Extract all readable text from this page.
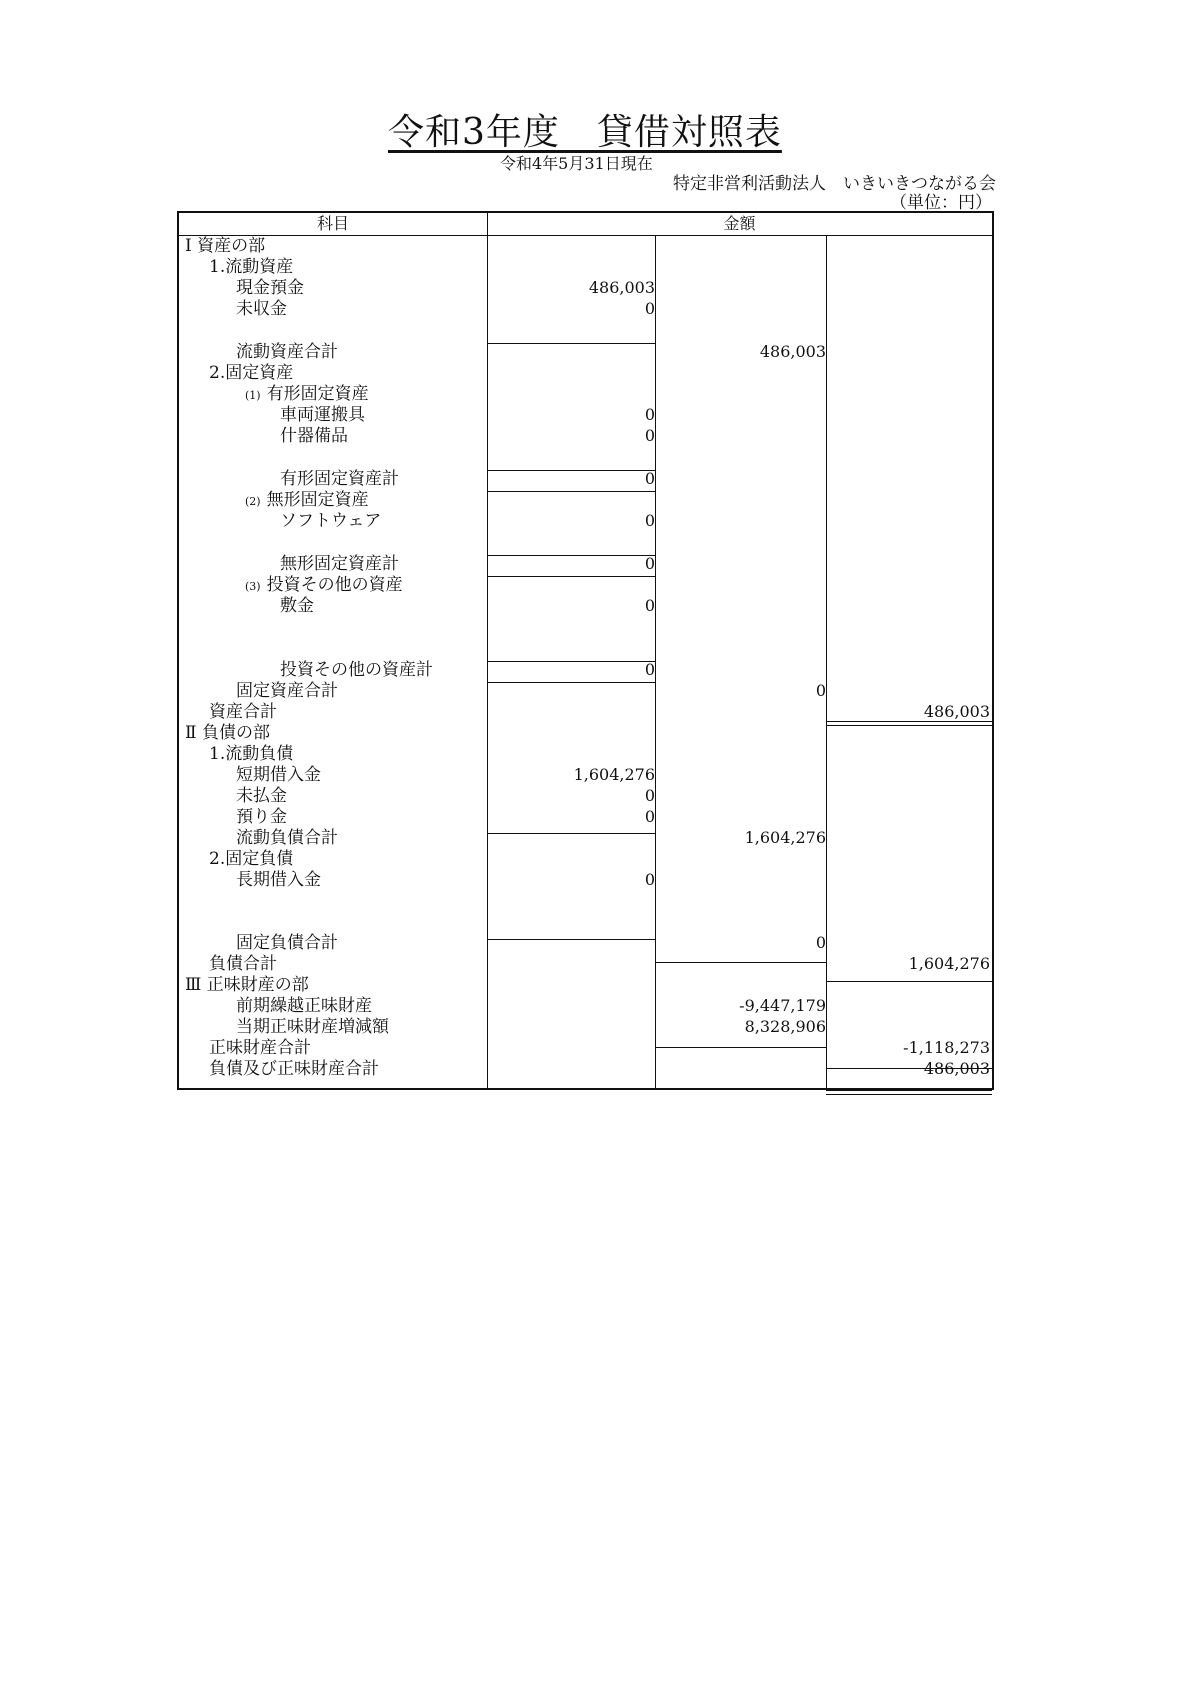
令和3年度　貸借対照表
令和4年5月31日現在
特定非営利活動法人　いきいきつながる会
（単位：円）
科目	金額
Ⅰ 資産の部
1.流動資産
現金預金
未収金
流動資産合計
2.固定資産
(1) 有形固定資産
車両運搬具
什器備品
有形固定資産計
(2) 無形固定資産
ソフトウェア
無形固定資産計
(3) 投資その他の資産
敷金
投資その他の資産計
固定資産合計
資産合計
Ⅱ 負債の部
1.流動負債
短期借入金
未払金
預り金
流動負債合計
2.固定負債
長期借入金
固定負債合計
負債合計
Ⅲ 正味財産の部
前期繰越正味財産
当期正味財産増減額
正味財産合計
負債及び正味財産合計
486,003
0
0
0
0
0
0
0
0
1,604,276
0
0
0
486,003
0
1,604,276
0
-9,447,179
8,328,906
486,003
1,604,276
-1,118,273
486,003
